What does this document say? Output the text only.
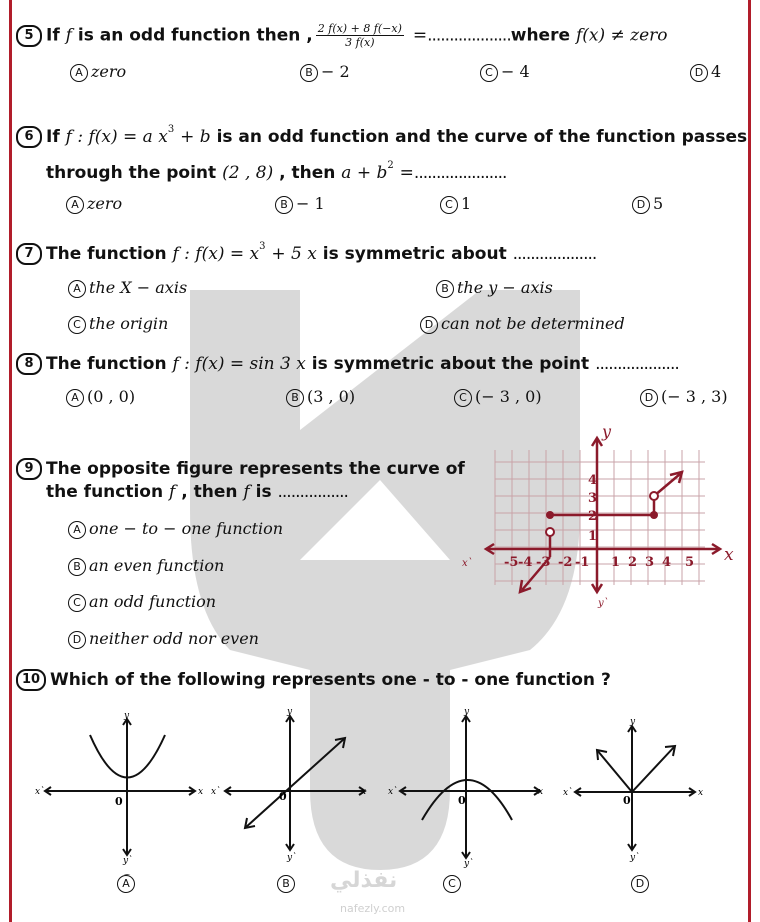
5 If f is an odd function then , $\frac{2 f(x) + 8 f(-x)}{3 f(x)}$ =...................where f(x) ≠ zero
A zero	B − 2	C − 4	D 4
6 If f : f(x) = a $x^3 + b$ is an odd function and the curve of the function passes
through the point (2 , 8) , then $a + b^2$ =.....................
A zero	B − 1	C 1	D 5
7 The function f : $f(x) = x^3 + 5$ x is symmetric about ...................
A the X − axis	B the y − axis
C the origin	D can not be determined
8 The function f : f(x) = sin 3 x is symmetric about the point ...................
A (0 , 0)	B (3 , 0)	C (− 3 , 0)	D (− 3 , 3)
9 The opposite figure represents the curve of
the function f , then f is ................
A one − to − one function
B an even function
C an odd function
D neither odd nor even
-5 -4 -3 -2 -1 1 2 3 4 5
1
2
3
4
x
y
x`
y`
10 Which of the following represents one - to - one function ?
x
y
x`
y`
0
A
x
y
x`
y`
0
B
x
y
x`
y`
0
C
x
y
x`
y`
0
D
نفذلي
nafezly.com
